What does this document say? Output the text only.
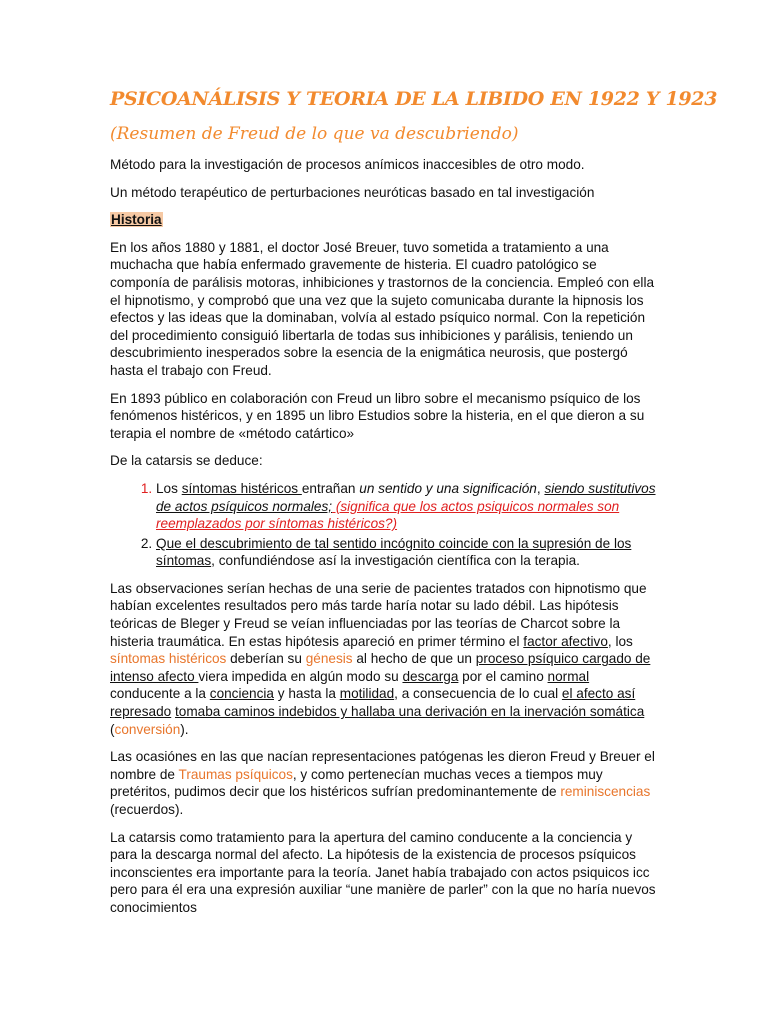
PSICOANÁLISIS Y TEORIA DE LA LIBIDO EN 1922 Y 1923
(Resumen de Freud de lo que va descubriendo)

Método para la investigación de procesos anímicos inaccesibles de otro modo.

Un método terapéutico de perturbaciones neuróticas basado en tal investigación

Historia

En los años 1880 y 1881, el doctor José Breuer, tuvo sometida a tratamiento a una muchacha que había enfermado gravemente de histeria. El cuadro patológico se componía de parálisis motoras, inhibiciones y trastornos de la conciencia. Empleó con ella el hipnotismo, y comprobó que una vez que la sujeto comunicaba durante la hipnosis los efectos y las ideas que la dominaban, volvía al estado psíquico normal. Con la repetición del procedimiento consiguió libertarla de todas sus inhibiciones y parálisis, teniendo un descubrimiento inesperados sobre la esencia de la enigmática neurosis, que postergó hasta el trabajo con Freud.

En 1893 público en colaboración con Freud un libro sobre el mecanismo psíquico de los fenómenos histéricos, y en 1895 un libro Estudios sobre la histeria, en el que dieron a su terapia el nombre de «método catártico»

De la catarsis se deduce:

1. Los síntomas histéricos entrañan un sentido y una significación, siendo sustitutivos de actos psíquicos normales; (significa que los actos psiquicos normales son reemplazados por síntomas histéricos?)
2. Que el descubrimiento de tal sentido incógnito coincide con la supresión de los síntomas, confundiéndose así la investigación científica con la terapia.

Las observaciones serían hechas de una serie de pacientes tratados con hipnotismo que habían excelentes resultados pero más tarde haría notar su lado débil. Las hipótesis teóricas de Bleger y Freud se veían influenciadas por las teorías de Charcot sobre la histeria traumática. En estas hipótesis apareció en primer término el factor afectivo, los síntomas histéricos deberían su génesis al hecho de que un proceso psíquico cargado de intenso afecto viera impedida en algún modo su descarga por el camino normal conducente a la conciencia y hasta la motilidad, a consecuencia de lo cual el afecto así represado tomaba caminos indebidos y hallaba una derivación en la inervación somática (conversión).

Las ocasiónes en las que nacían representaciones patógenas les dieron Freud y Breuer el nombre de Traumas psíquicos, y como pertenecían muchas veces a tiempos muy pretéritos, pudimos decir que los histéricos sufrían predominantemente de reminiscencias (recuerdos).

La catarsis como tratamiento para la apertura del camino conducente a la conciencia y para la descarga normal del afecto. La hipótesis de la existencia de procesos psíquicos inconscientes era importante para la teoría. Janet había trabajado con actos psiquicos icc pero para él era una expresión auxiliar “une manière de parler” con la que no haría nuevos conocimientos
